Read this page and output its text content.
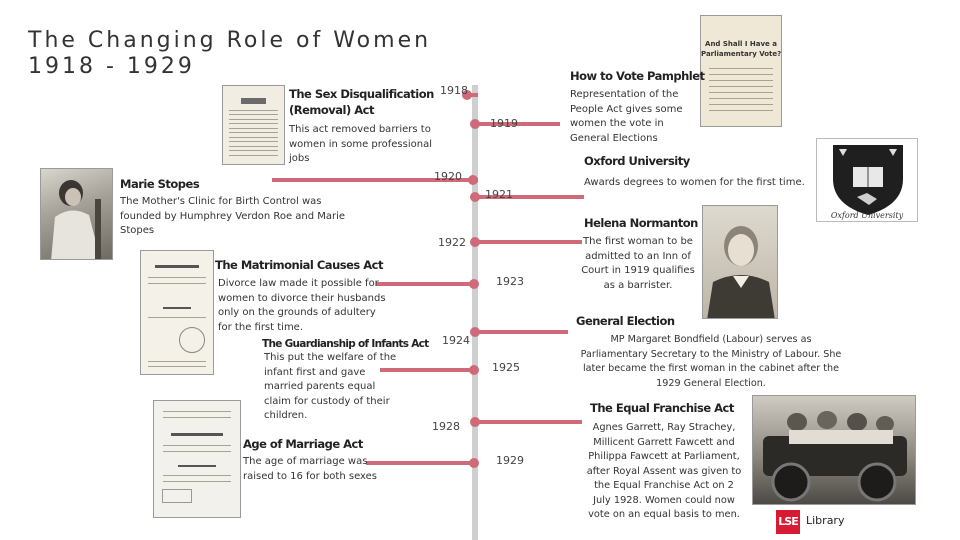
The Changing Role of Women
1918 - 1929
1918
1919
1920
1921
1922
1923
1924
1925
1928
1929
And Shall I Have a
Parliamentary Vote?
Oxford University
The Sex Disqualification
(Removal) Act
This act removed barriers to
women in some professional
jobs
How to Vote Pamphlet
Representation of the
People Act gives some
women the vote in
General Elections
Oxford University
Awards degrees to women for the first time.
Marie Stopes
The Mother's Clinic for Birth Control was
founded by Humphrey Verdon Roe and Marie
Stopes
Helena Normanton
The first woman to be
admitted to an Inn of
Court in 1919 qualifies
as a barrister.
The Matrimonial Causes Act
Divorce law made it possible for
women to divorce their husbands
only on the grounds of adultery
for the first time.
The Guardianship of Infants Act
This put the welfare of the
infant first and gave
married parents equal
claim for custody of their
children.
General Election
MP Margaret Bondfield (Labour) serves as
Parliamentary Secretary to the Ministry of Labour. She
later became the first woman in the cabinet after the
1929 General Election.
Age of Marriage Act
The age of marriage was
raised to 16 for both sexes
The Equal Franchise Act
Agnes Garrett, Ray Strachey,
Millicent Garrett Fawcett and
Philippa Fawcett at Parliament,
after Royal Assent was given to
the Equal Franchise Act on 2
July 1928. Women could now
vote on an equal basis to men.
LSE Library
